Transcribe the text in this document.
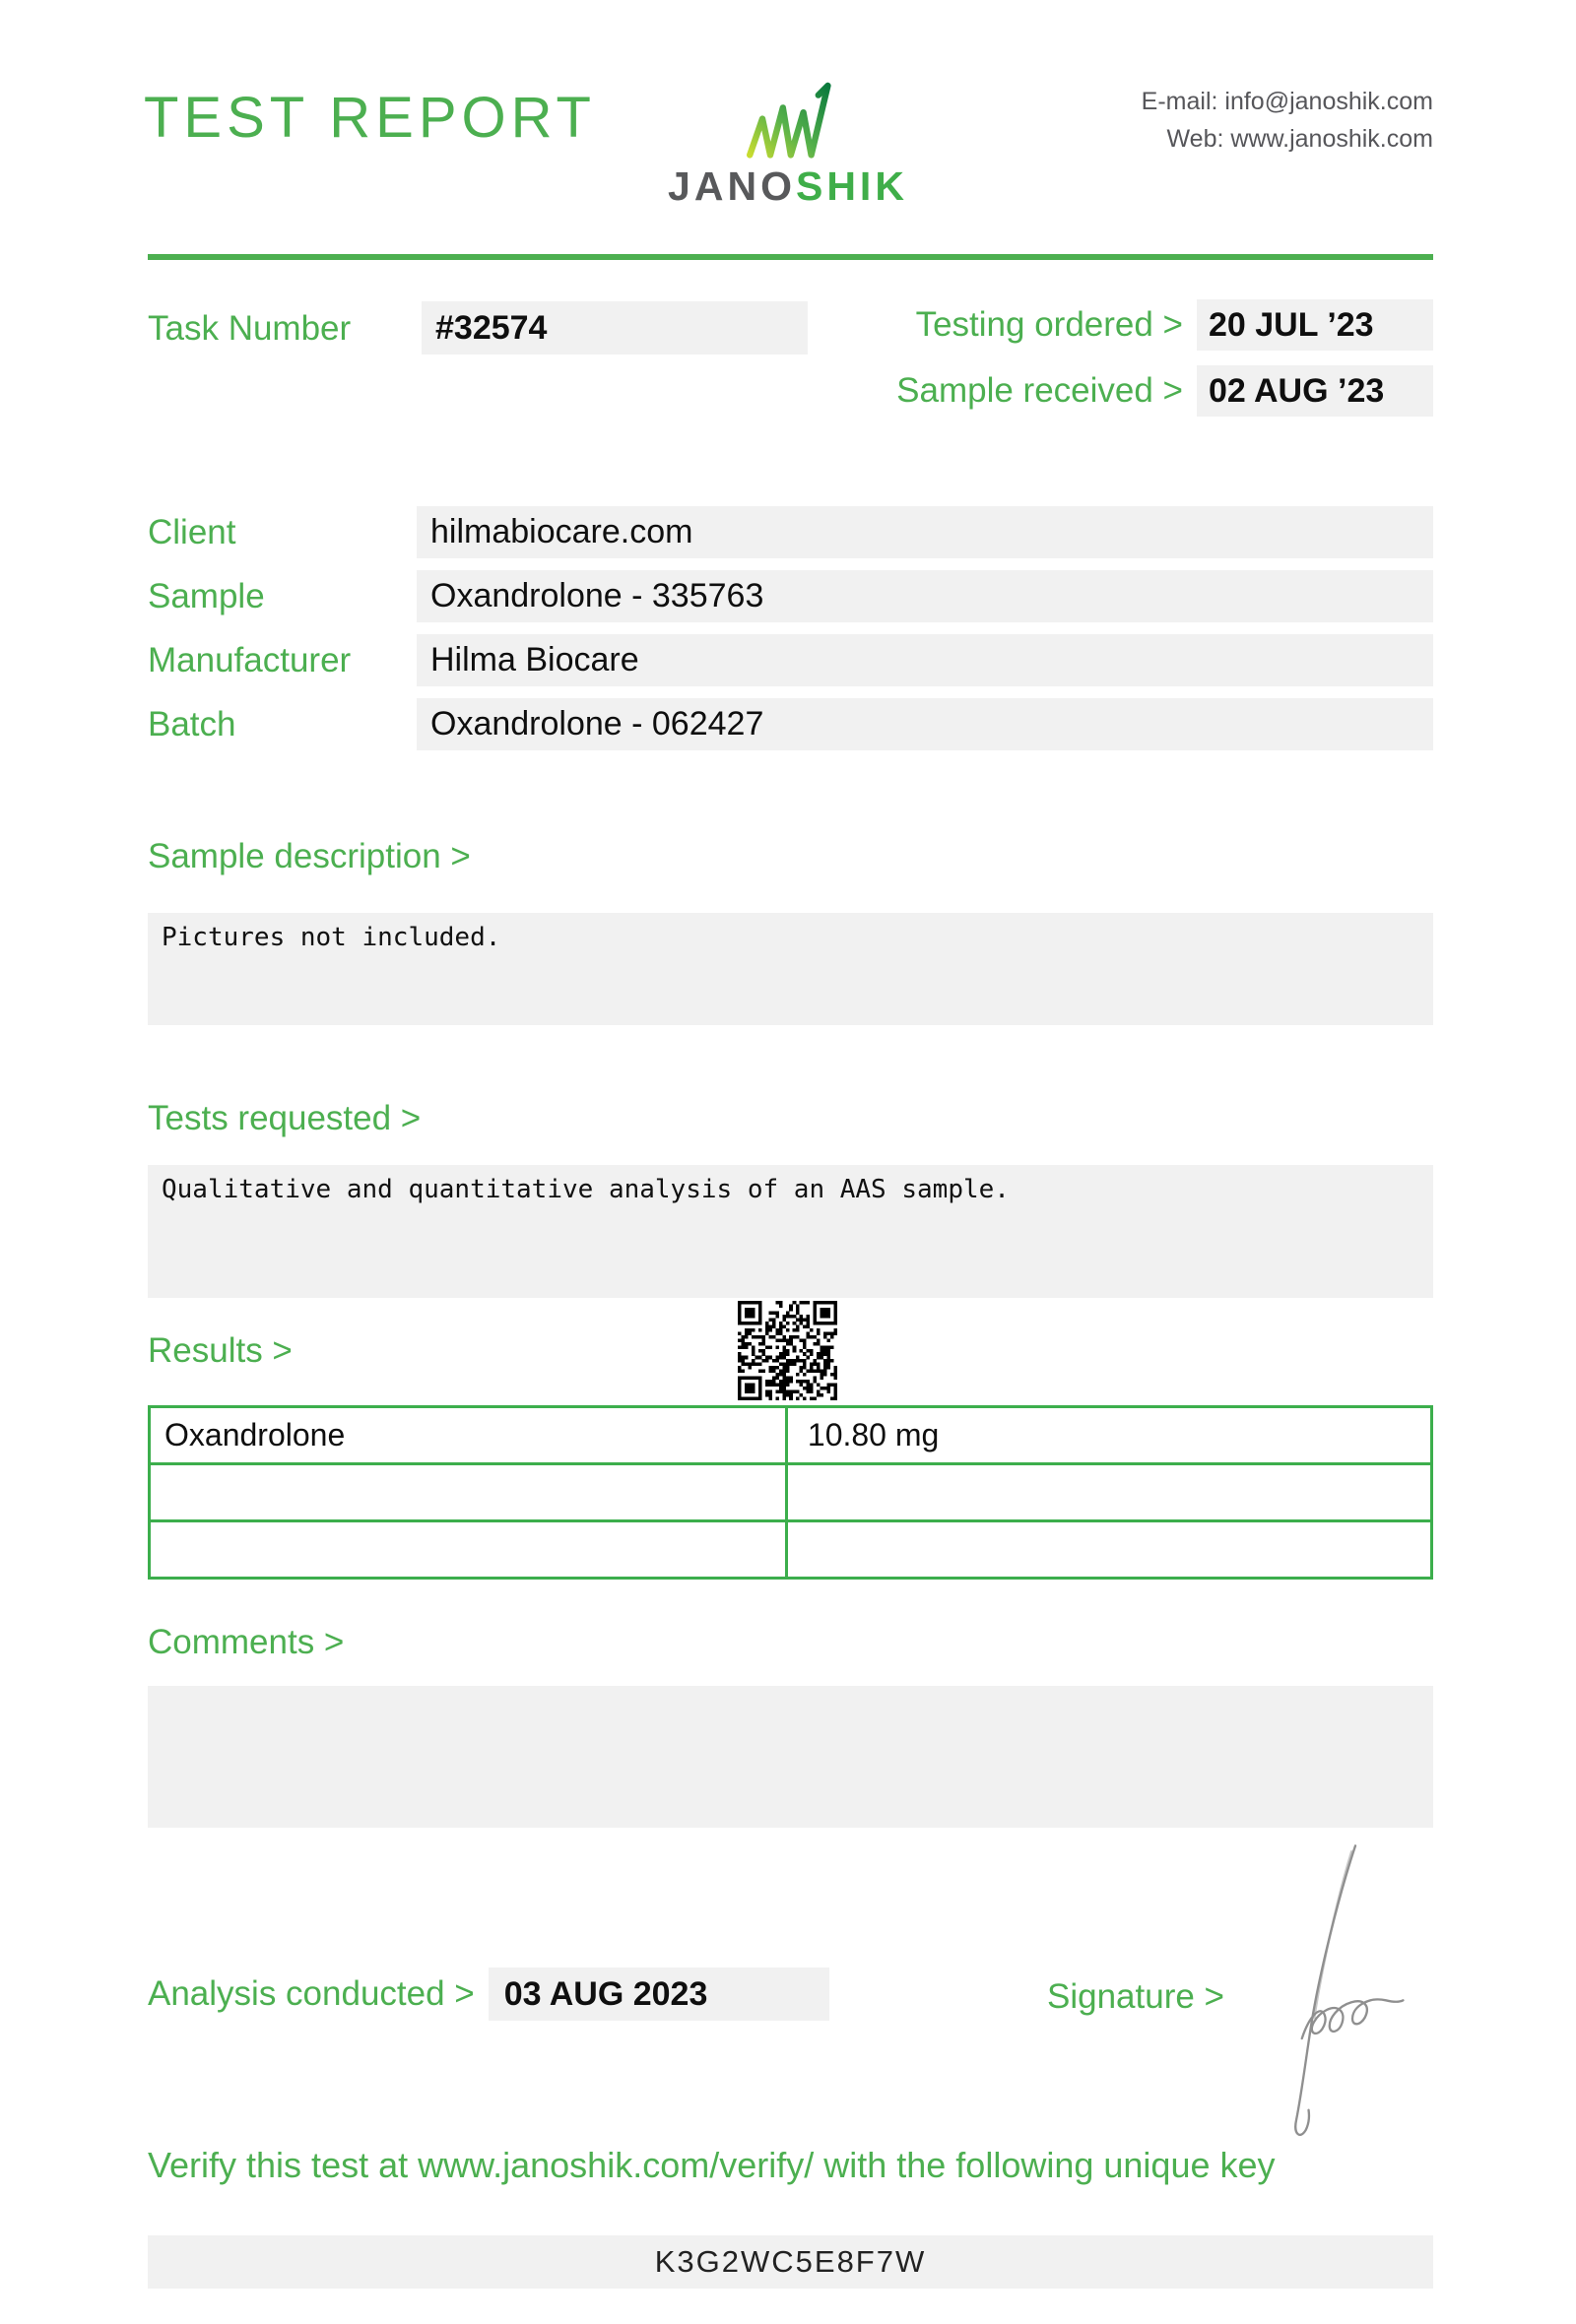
TEST REPORT
JANOSHIK
E-mail: info@janoshik.com
Web: www.janoshik.com
Task Number	#32574	Testing ordered > 20 JUL ’23
Sample received > 02 AUG ’23
Client	hilmabiocare.com
Sample	Oxandrolone - 335763
Manufacturer	Hilma Biocare
Batch	Oxandrolone - 062427
Sample description >
Pictures not included.
Tests requested >
Qualitative and quantitative analysis of an AAS sample.
Results >
Oxandrolone	10.80 mg
Comments >
Analysis conducted > 03 AUG 2023	Signature >
Verify this test at www.janoshik.com/verify/ with the following unique key
K3G2WC5E8F7W
